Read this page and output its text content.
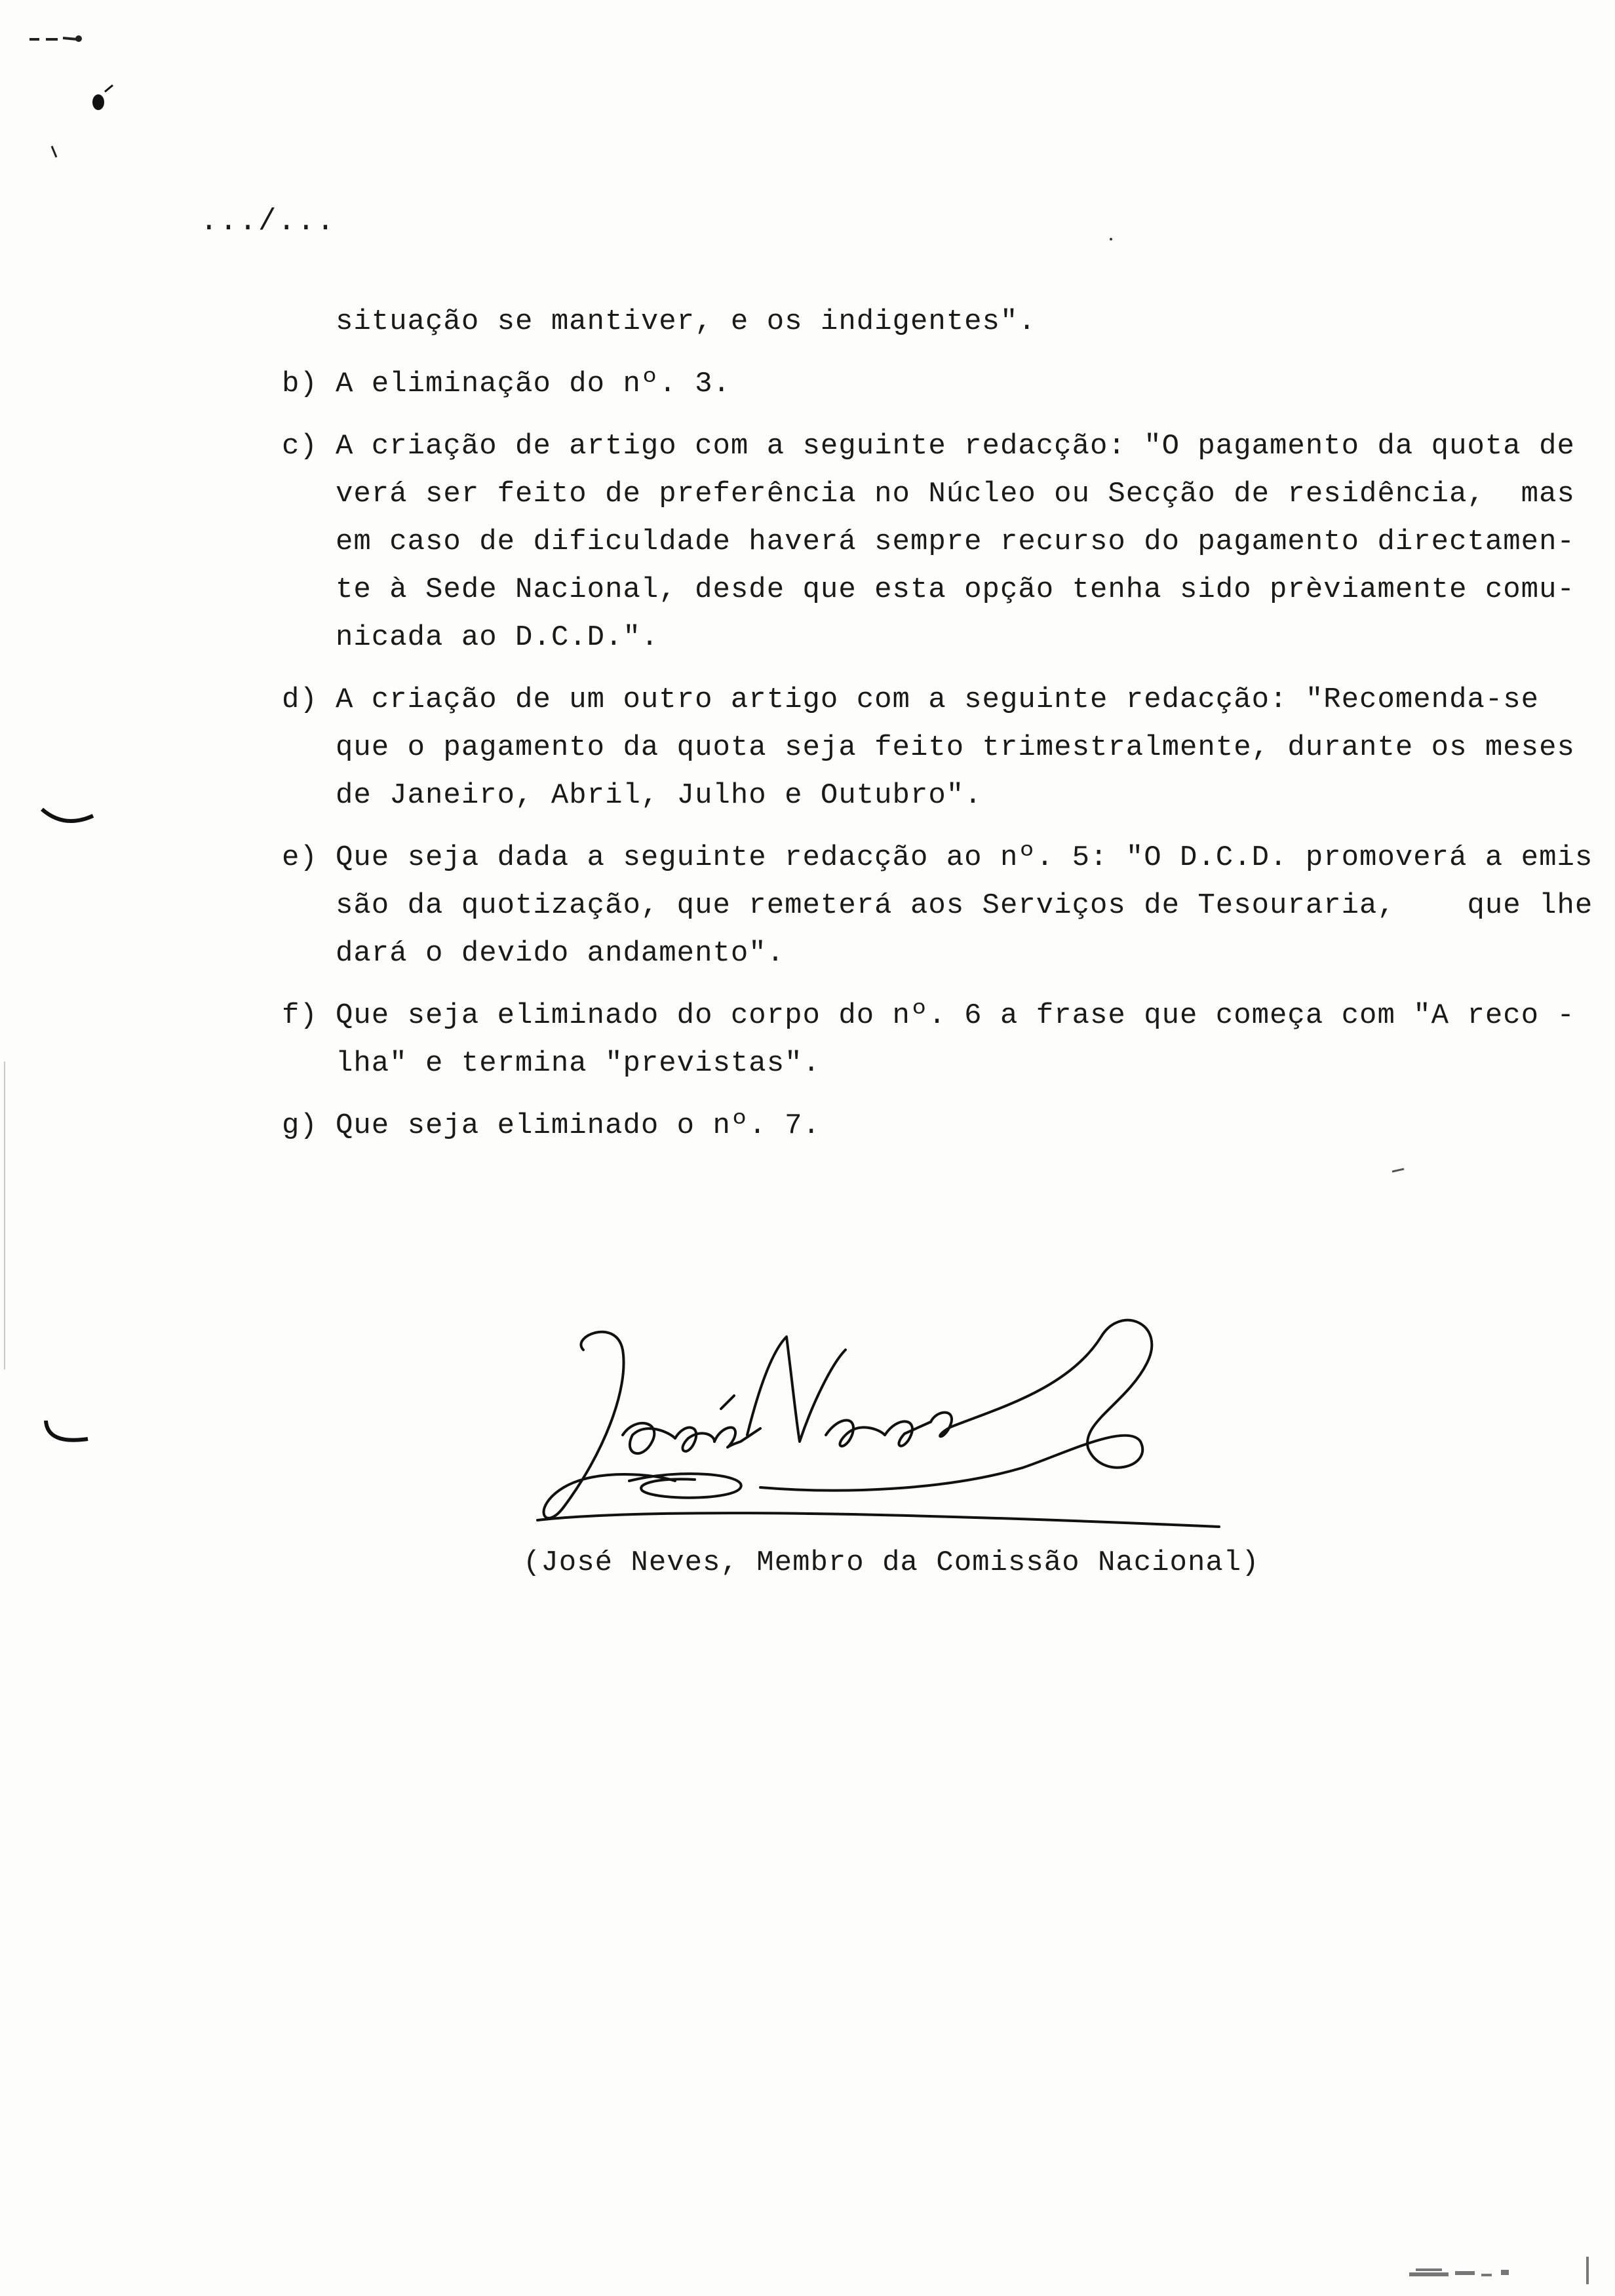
.../...
situação se mantiver, e os indigentes".
b) A eliminação do nº. 3.
c) A criação de artigo com a seguinte redacção: "O pagamento da quota de
verá ser feito de preferência no Núcleo ou Secção de residência,  mas
em caso de dificuldade haverá sempre recurso do pagamento directamen-
te à Sede Nacional, desde que esta opção tenha sido prèviamente comu-
nicada ao D.C.D.".
d) A criação de um outro artigo com a seguinte redacção: "Recomenda-se
que o pagamento da quota seja feito trimestralmente, durante os meses
de Janeiro, Abril, Julho e Outubro".
e) Que seja dada a seguinte redacção ao nº. 5: "O D.C.D. promoverá a emis
são da quotização, que remeterá aos Serviços de Tesouraria,    que lhe
dará o devido andamento".
f) Que seja eliminado do corpo do nº. 6 a frase que começa com "A reco -
lha" e termina "previstas".
g) Que seja eliminado o nº. 7.
(José Neves, Membro da Comissão Nacional)
